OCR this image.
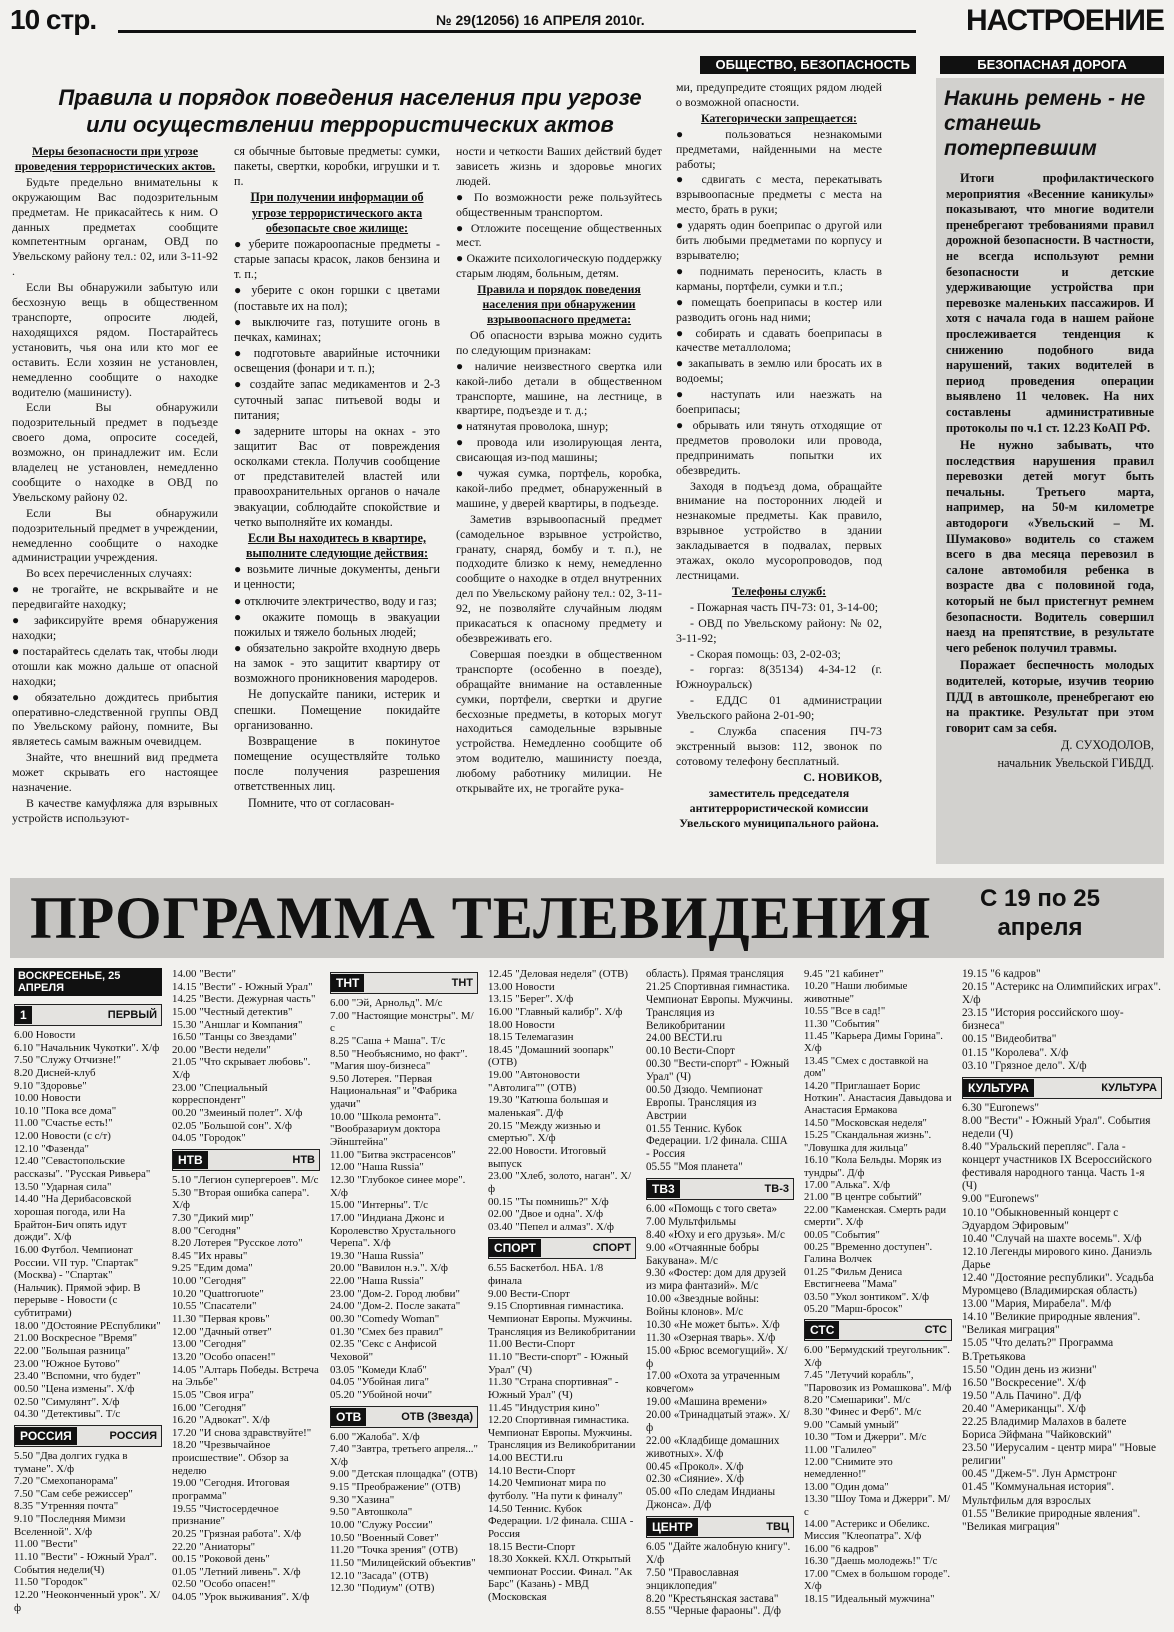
10 стр.	№ 29(12056) 16 АПРЕЛЯ 2010г.	НАСТРОЕНИЕ
ОБЩЕСТВО, БЕЗОПАСНОСТЬ	БЕЗОПАСНАЯ ДОРОГА
Правила и порядок поведения населения при угрозе
или осуществлении террористических актов

Меры безопасности при угрозе проведения террористических актов.

Будьте предельно внимательны к окружающим Вас подозрительным предметам. Не прикасайтесь к ним. О данных предметах сообщите компетентным органам, ОВД по Увельскому району тел.: 02, или 3-11-92 .

Если Вы обнаружили забытую или бесхозную вещь в общественном транспорте, опросите людей, находящихся рядом. Постарайтесь установить, чья она или кто мог ее оставить. Если хозяин не установлен, немедленно сообщите о находке водителю (машинисту).

Если Вы обнаружили подозрительный предмет в подъезде своего дома, опросите соседей, возможно, он принадлежит им. Если владелец не установлен, немедленно сообщите о находке в ОВД по Увельскому району 02.

Если Вы обнаружили подозрительный предмет в учреждении, немедленно сообщите о находке администрации учреждения.

Во всех перечисленных случаях:

● не трогайте, не вскрывайте и не передвигайте находку;

● зафиксируйте время обнаружения находки;

● постарайтесь сделать так, чтобы люди отошли как можно дальше от опасной находки;

● обязательно дождитесь прибытия оперативно-следственной группы ОВД по Увельскому району, помните, Вы являетесь самым важным очевидцем.

Знайте, что внешний вид предмета может скрывать его настоящее назначение.

В качестве камуфляжа для взрывных устройств используют-

ся обычные бытовые предметы: сумки, пакеты, свертки, коробки, игрушки и т. п.

При получении информации об угрозе террористического акта обезопасьте свое жилище:

● уберите пожароопасные предметы - старые запасы красок, лаков бензина и т. п.;

● уберите с окон горшки с цветами (поставьте их на пол);

● выключите газ, потушите огонь в печках, каминах;

● подготовьте аварийные источники освещения (фонари и т. п.);

● создайте запас медикаментов и 2-3 суточный запас питьевой воды и питания;

● задерните шторы на окнах - это защитит Вас от повреждения осколками стекла. Получив сообщение от представителей властей или правоохранительных органов о начале эвакуации, соблюдайте спокойствие и четко выполняйте их команды.

Если Вы находитесь в квартире, выполните следующие действия:

● возьмите личные документы, деньги и ценности;

● отключите электричество, воду и газ;

● окажите помощь в эвакуации пожилых и тяжело больных людей;

● обязательно закройте входную дверь на замок - это защитит квартиру от возможного проникновения мародеров.

Не допускайте паники, истерик и спешки. Помещение покидайте организованно.

Возвращение в покинутое помещение осуществляйте только после получения разрешения ответственных лиц.

Помните, что от согласован-

ности и четкости Ваших действий будет зависеть жизнь и здоровье многих людей.

● По возможности реже пользуйтесь общественным транспортом.

● Отложите посещение общественных мест.

● Окажите психологическую поддержку старым людям, больным, детям.

Правила и порядок поведения населения при обнаружении взрывоопасного предмета:

Об опасности взрыва можно судить по следующим признакам:

● наличие неизвестного свертка или какой-либо детали в общественном транспорте, машине, на лестнице, в квартире, подъезде и т. д.;

● натянутая проволока, шнур;

● провода или изолирующая лента, свисающая из-под машины;

● чужая сумка, портфель, коробка, какой-либо предмет, обнаруженный в машине, у дверей квартиры, в подъезде.

Заметив взрывоопасный предмет (самодельное взрывное устройство, гранату, снаряд, бомбу и т. п.), не подходите близко к нему, немедленно сообщите о находке в отдел внутренних дел по Увельскому району тел.: 02, 3-11-92, не позволяйте случайным людям прикасаться к опасному предмету и обезвреживать его.

Совершая поездки в общественном транспорте (особенно в поезде), обращайте внимание на оставленные сумки, портфели, свертки и другие бесхозные предметы, в которых могут находиться самодельные взрывные устройства. Немедленно сообщите об этом водителю, машинисту поезда, любому работнику милиции. Не открывайте их, не трогайте рука-

ми, предупредите стоящих рядом людей о возможной опасности.

Категорически запрещается:

● пользоваться незнакомыми предметами, найденными на месте работы;

● сдвигать с места, перекатывать взрывоопасные предметы с места на место, брать в руки;

● ударять один боеприпас о другой или бить любыми предметами по корпусу и взрывателю;

● поднимать переносить, класть в карманы, портфели, сумки и т.п.;

● помещать боеприпасы в костер или разводить огонь над ними;

● собирать и сдавать боеприпасы в качестве металлолома;

● закапывать в землю или бросать их в водоемы;

● наступать или наезжать на боеприпасы;

● обрывать или тянуть отходящие от предметов проволоки или провода, предпринимать попытки их обезвредить.

Заходя в подъезд дома, обращайте внимание на посторонних людей и незнакомые предметы. Как правило, взрывное устройство в здании закладывается в подвалах, первых этажах, около мусоропроводов, под лестницами.

Телефоны служб:

- Пожарная часть ПЧ-73: 01, 3-14-00;

- ОВД по Увельскому району: № 02, 3-11-92;

- Скорая помощь: 03, 2-02-03;

- горгаз: 8(35134) 4-34-12 (г. Южноуральск)

- ЕДДС 01 администрации Увельского района 2-01-90;

- Служба спасения ПЧ-73 экстренный вызов: 112, звонок по сотовому телефону бесплатный.

С. НОВИКОВ,

заместитель председателя антитеррористической комиссии Увельского муниципального района.

Накинь ремень - не станешь потерпевшим

Итоги профилактического мероприятия «Весенние каникулы» показывают, что многие водители пренебрегают требованиями правил дорожной безопасности. В частности, не всегда используют ремни безопасности и детские удерживающие устройства при перевозке маленьких пассажиров. И хотя с начала года в нашем районе прослеживается тенденция к снижению подобного вида нарушений, таких водителей в период проведения операции выявлено 11 человек. На них составлены административные протоколы по ч.1 ст. 12.23 КоАП РФ.

Не нужно забывать, что последствия нарушения правил перевозки детей могут быть печальны. Третьего марта, например, на 50-м километре автодороги «Увельский – М. Шумаково» водитель со стажем всего в два месяца перевозил в салоне автомобиля ребенка в возрасте два с половиной года, который не был пристегнут ремнем безопасности. Водитель совершил наезд на препятствие, в результате чего ребенок получил травмы.

Поражает беспечность молодых водителей, которые, изучив теорию ПДД в автошколе, пренебрегают ею на практике. Результат при этом говорит сам за себя.

Д. СУХОДОЛОВ,

начальник Увельской ГИБДД.

ПРОГРАММА ТЕЛЕВИДЕНИЯ	С 19 по 25
апреля
ВОСКРЕСЕНЬЕ, 25 АПРЕЛЯ
1	ПЕРВЫЙ
6.00 Новости
6.10 "Начальник Чукотки". Х/ф
7.50 "Служу Отчизне!"
8.20 Дисней-клуб
9.10 "Здоровье"
10.00 Новости
10.10 "Пока все дома"
11.00 "Счастье есть!"
12.00 Новости (с с/т)
12.10 "Фазенда"
12.40 "Севастопольские рассказы". "Русская Ривьера"
13.50 "Ударная сила"
14.40 "На Дерибасовской хорошая погода, или На Брайтон-Бич опять идут дожди". Х/ф
16.00 Футбол. Чемпионат России. VII тур. "Спартак" (Москва) - "Спартак" (Нальчик). Прямой эфир. В перерыве - Новости (с субтитрами)
18.00 "ДОстояние РЕспублики"
21.00 Воскресное "Время"
22.00 "Большая разница"
23.00 "Южное Бутово"
23.40 "Вспомни, что будет"
00.50 "Цена измены". Х/ф
02.50 "Симулянт". Х/ф
04.30 "Детективы". Т/с
РОССИЯ	РОССИЯ
5.50 "Два долгих гудка в тумане". Х/ф
7.20 "Смехопанорама"
7.50 "Сам себе режиссер"
8.35 "Утренняя почта"
9.10 "Последняя Мимзи Вселенной". Х/ф
11.00 "Вести"
11.10 "Вести" - Южный Урал". События недели(Ч)
11.50 "Городок"
12.20 "Неоконченный урок". Х/ф
14.00 "Вести"
14.15 "Вести" - Южный Урал"
14.25 "Вести. Дежурная часть"
15.00 "Честный детектив"
15.30 "Аншлаг и Компания"
16.50 "Танцы со Звездами"
20.00 "Вести недели"
21.05 "Что скрывает любовь". Х/ф
23.00 "Специальный корреспондент"
00.20 "Змеиный полет". Х/ф
02.05 "Большой сон". Х/ф
04.05 "Городок"
НТВ	НТВ
5.10 "Легион супергероев". М/с
5.30 "Вторая ошибка сапера". Х/ф
7.30 "Дикий мир"
8.00 "Сегодня"
8.20 Лотерея "Русское лото"
8.45 "Их нравы"
9.25 "Едим дома"
10.00 "Сегодня"
10.20 "Quattroruote"
10.55 "Спасатели"
11.30 "Первая кровь"
12.00 "Дачный ответ"
13.00 "Сегодня"
13.20 "Особо опасен!"
14.05 "Алтарь Победы. Встреча на Эльбе"
15.05 "Своя игра"
16.00 "Сегодня"
16.20 "Адвокат". Х/ф
17.20 "И снова здравствуйте!"
18.20 "Чрезвычайное происшествие". Обзор за неделю
19.00 "Сегодня. Итоговая программа"
19.55 "Чистосердечное признание"
20.25 "Грязная работа". Х/ф
22.20 "Аниаторы"
00.15 "Роковой день"
01.05 "Летний ливень". Х/ф
02.50 "Особо опасен!"
04.05 "Урок выживания". Х/ф
ТНТ	ТНТ
6.00 "Эй, Арнольд". М/с
7.00 "Настоящие монстры". М/с
8.25 "Саша + Маша". Т/с
8.50 "Необъяснимо, но факт". "Магия шоу-бизнеса"
9.50 Лотерея. "Первая Национальная" и "Фабрика удачи"
10.00 "Школа ремонта". "Вообразариум доктора Эйнштейна"
11.00 "Битва экстрасенсов"
12.00 "Наша Russia"
12.30 "Глубокое синее море". Х/ф
15.00 "Интерны". Т/с
17.00 "Индиана Джонс и Королевство Хрустального Черепа". Х/ф
19.30 "Наша Russia"
20.00 "Вавилон н.э.". Х/ф
22.00 "Наша Russia"
23.00 "Дом-2. Город любви"
24.00 "Дом-2. После заката"
00.30 "Comedy Woman"
01.30 "Смех без правил"
02.35 "Секс с Анфисой Чеховой"
03.05 "Комеди Клаб"
04.05 "Убойная лига"
05.20 "Убойной ночи"
ОТВ	ОТВ (Звезда)
6.00 "Жалоба". Х/ф
7.40 "Завтра, третьего апреля..." Х/ф
9.00 "Детская площадка" (ОТВ)
9.15 "Преображение" (ОТВ)
9.30 "Хазина"
9.50 "Автошкола"
10.00 "Служу России"
10.50 "Военный Совет"
11.20 "Точка зрения" (ОТВ)
11.50 "Милицейский объектив"
12.10 "Засада" (ОТВ)
12.30 "Подиум" (ОТВ)
12.45 "Деловая неделя" (ОТВ)
13.00 Новости
13.15 "Берег". Х/ф
16.00 "Главный калибр". Х/ф
18.00 Новости
18.15 Телемагазин
18.45 "Домашний зоопарк" (ОТВ)
19.00 "Автоновости "Автолига"" (ОТВ)
19.30 "Катюша большая и маленькая". Д/ф
20.15 "Между жизнью и смертью". Х/ф
22.00 Новости. Итоговый выпуск
23.00 "Хлеб, золото, наган". Х/ф
00.15 "Ты помнишь?" Х/ф
02.00 "Двое и одна". Х/ф
03.40 "Пепел и алмаз". Х/ф
СПОРТ	СПОРТ
6.55 Баскетбол. НБА. 1/8 финала
9.00 Вести-Спорт
9.15 Спортивная гимнастика. Чемпионат Европы. Мужчины. Трансляция из Великобритании
11.00 Вести-Спорт
11.10 "Вести-спорт" - Южный Урал" (Ч)
11.30 "Страна спортивная" - Южный Урал" (Ч)
11.45 "Индустрия кино"
12.20 Спортивная гимнастика. Чемпионат Европы. Мужчины. Трансляция из Великобритании
14.00 ВЕСТИ.ru
14.10 Вести-Спорт
14.20 Чемпионат мира по футболу. "На пути к финалу"
14.50 Теннис. Кубок Федерации. 1/2 финала. США - Россия
18.15 Вести-Спорт
18.30 Хоккей. КХЛ. Открытый чемпионат России. Финал. "Ак Барс" (Казань) - МВД (Московская
область). Прямая трансляция
21.25 Спортивная гимнастика. Чемпионат Европы. Мужчины. Трансляция из Великобритании
24.00 ВЕСТИ.ru
00.10 Вести-Спорт
00.30 "Вести-спорт" - Южный Урал" (Ч)
00.50 Дзюдо. Чемпионат Европы. Трансляция из Австрии
01.55 Теннис. Кубок Федерации. 1/2 финала. США - Россия
05.55 "Моя планета"
ТВ3	ТВ-3
6.00 «Помощь с того света»
7.00 Мультфильмы
8.40 «Юху и его друзья». М/с
9.00 «Отчаянные бобры Бакувана». М/с
9.30 «Фостер: дом для друзей из мира фантазий». М/с
10.00 «Звездные войны: Войны клонов». М/с
10.30 «Не может быть». Х/ф
11.30 «Озерная тварь». Х/ф
15.00 «Брюс всемогущий». Х/ф
17.00 «Охота за утраченным ковчегом»
19.00 «Машина времени»
20.00 «Тринадцатый этаж». Х/ф
22.00 «Кладбище домашних животных». Х/ф
00.45 «Прокол». Х/ф
02.30 «Сияние». Х/ф
05.00 «По следам Индианы Джонса». Д/ф
ЦЕНТР	ТВЦ
6.05 "Дайте жалобную книгу". Х/ф
7.50 "Православная энциклопедия"
8.20 "Крестьянская застава"
8.55 "Черные фараоны". Д/ф
9.45 "21 кабинет"
10.20 "Наши любимые животные"
10.55 "Все в сад!"
11.30 "События"
11.45 "Карьера Димы Горина". Х/ф
13.45 "Смех с доставкой на дом"
14.20 "Приглашает Борис Ноткин". Анастасия Давыдова и Анастасия Ермакова
14.50 "Московская неделя"
15.25 "Скандальная жизнь". "Ловушка для жильца"
16.10 "Кола Бельды. Моряк из тундры". Д/ф
17.00 "Алька". Х/ф
21.00 "В центре событий"
22.00 "Каменская. Смерть ради смерти". Х/ф
00.05 "События"
00.25 "Временно доступен". Галина Волчек
01.25 "Фильм Дениса Евстигнеева "Мама"
03.50 "Укол зонтиком". Х/ф
05.20 "Марш-бросок"
СТС	СТС
6.00 "Бермудский треугольник". Х/ф
7.45 "Летучий корабль", "Паровозик из Ромашкова". М/ф
8.20 "Смешарики". М/с
8.30 "Финес и Ферб". М/с
9.00 "Самый умный"
10.30 "Том и Джерри". М/с
11.00 "Галилео"
12.00 "Снимите это немедленно!"
13.00 "Один дома"
13.30 "Шоу Тома и Джерри". М/с
14.00 "Астерикс и Обеликс. Миссия "Клеопатра". Х/ф
16.00 "6 кадров"
16.30 "Даешь молодежь!" Т/с
17.00 "Смех в большом городе". Х/ф
18.15 "Идеальный мужчина"
19.15 "6 кадров"
20.15 "Астерикс на Олимпийских играх". Х/ф
23.15 "История российского шоу-бизнеса"
00.15 "Видеобитва"
01.15 "Королева". Х/ф
03.10 "Грязное дело". Х/ф
КУЛЬТУРА	КУЛЬТУРА
6.30 "Euronews"
8.00 "Вести" - Южный Урал". События недели (Ч)
8.40 "Уральский перепляс". Гала - концерт участников IX Всероссийского фестиваля народного танца. Часть 1-я (Ч)
9.00 "Euronews"
10.10 "Обыкновенный концерт с Эдуардом Эфировым"
10.40 "Случай на шахте восемь". Х/ф
12.10 Легенды мирового кино. Даниэль Дарье
12.40 "Достояние республики". Усадьба Муромцево (Владимирская область)
13.00 "Мария, Мирабела". М/ф
14.10 "Великие природные явления". "Великая миграция"
15.05 "Что делать?" Программа В.Третьякова
15.50 "Один день из жизни"
16.50 "Воскресение". Х/ф
19.50 "Аль Пачино". Д/ф
20.40 "Американцы". Х/ф
22.25 Владимир Малахов в балете Бориса Эйфмана "Чайковский"
23.50 "Иерусалим - центр мира" "Новые религии"
00.45 "Джем-5". Лун Армстронг
01.45 "Коммунальная история". Мультфильм для взрослых
01.55 "Великие природные явления". "Великая миграция"
